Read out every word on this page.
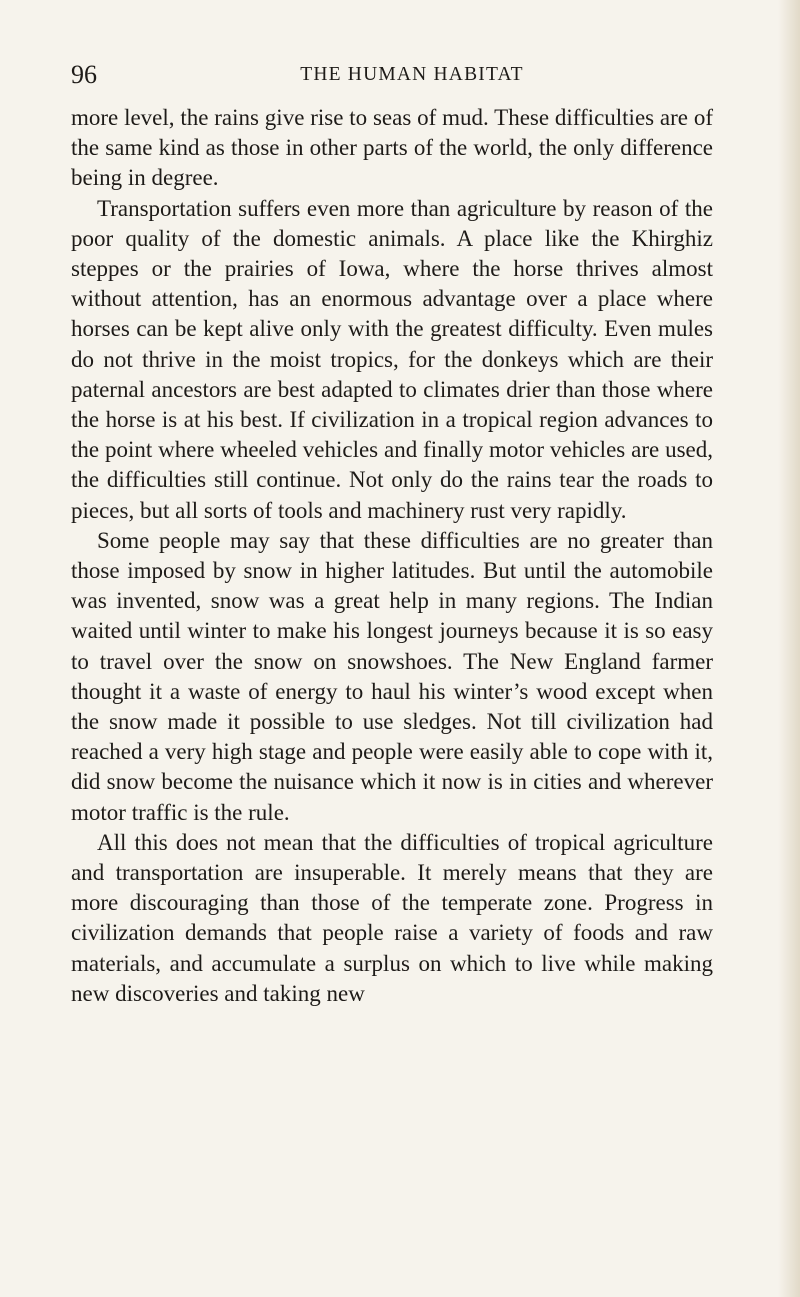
96	THE HUMAN HABITAT

more level, the rains give rise to seas of mud. These difficulties are of the same kind as those in other parts of the world, the only difference being in degree.

Transportation suffers even more than agriculture by reason of the poor quality of the domestic animals. A place like the Khirghiz steppes or the prairies of Iowa, where the horse thrives almost without attention, has an enormous advantage over a place where horses can be kept alive only with the greatest difficulty. Even mules do not thrive in the moist tropics, for the donkeys which are their paternal ancestors are best adapted to climates drier than those where the horse is at his best. If civilization in a tropical region advances to the point where wheeled vehicles and finally motor vehicles are used, the difficulties still continue. Not only do the rains tear the roads to pieces, but all sorts of tools and machinery rust very rapidly.

Some people may say that these difficulties are no greater than those imposed by snow in higher latitudes. But until the automobile was invented, snow was a great help in many regions. The Indian waited until winter to make his longest journeys because it is so easy to travel over the snow on snowshoes. The New England farmer thought it a waste of energy to haul his winter’s wood except when the snow made it possible to use sledges. Not till civilization had reached a very high stage and people were easily able to cope with it, did snow become the nuisance which it now is in cities and wherever motor traffic is the rule.

All this does not mean that the difficulties of tropical agriculture and transportation are insuperable. It merely means that they are more discouraging than those of the temperate zone. Progress in civilization demands that people raise a variety of foods and raw materials, and accumulate a surplus on which to live while making new discoveries and taking new
